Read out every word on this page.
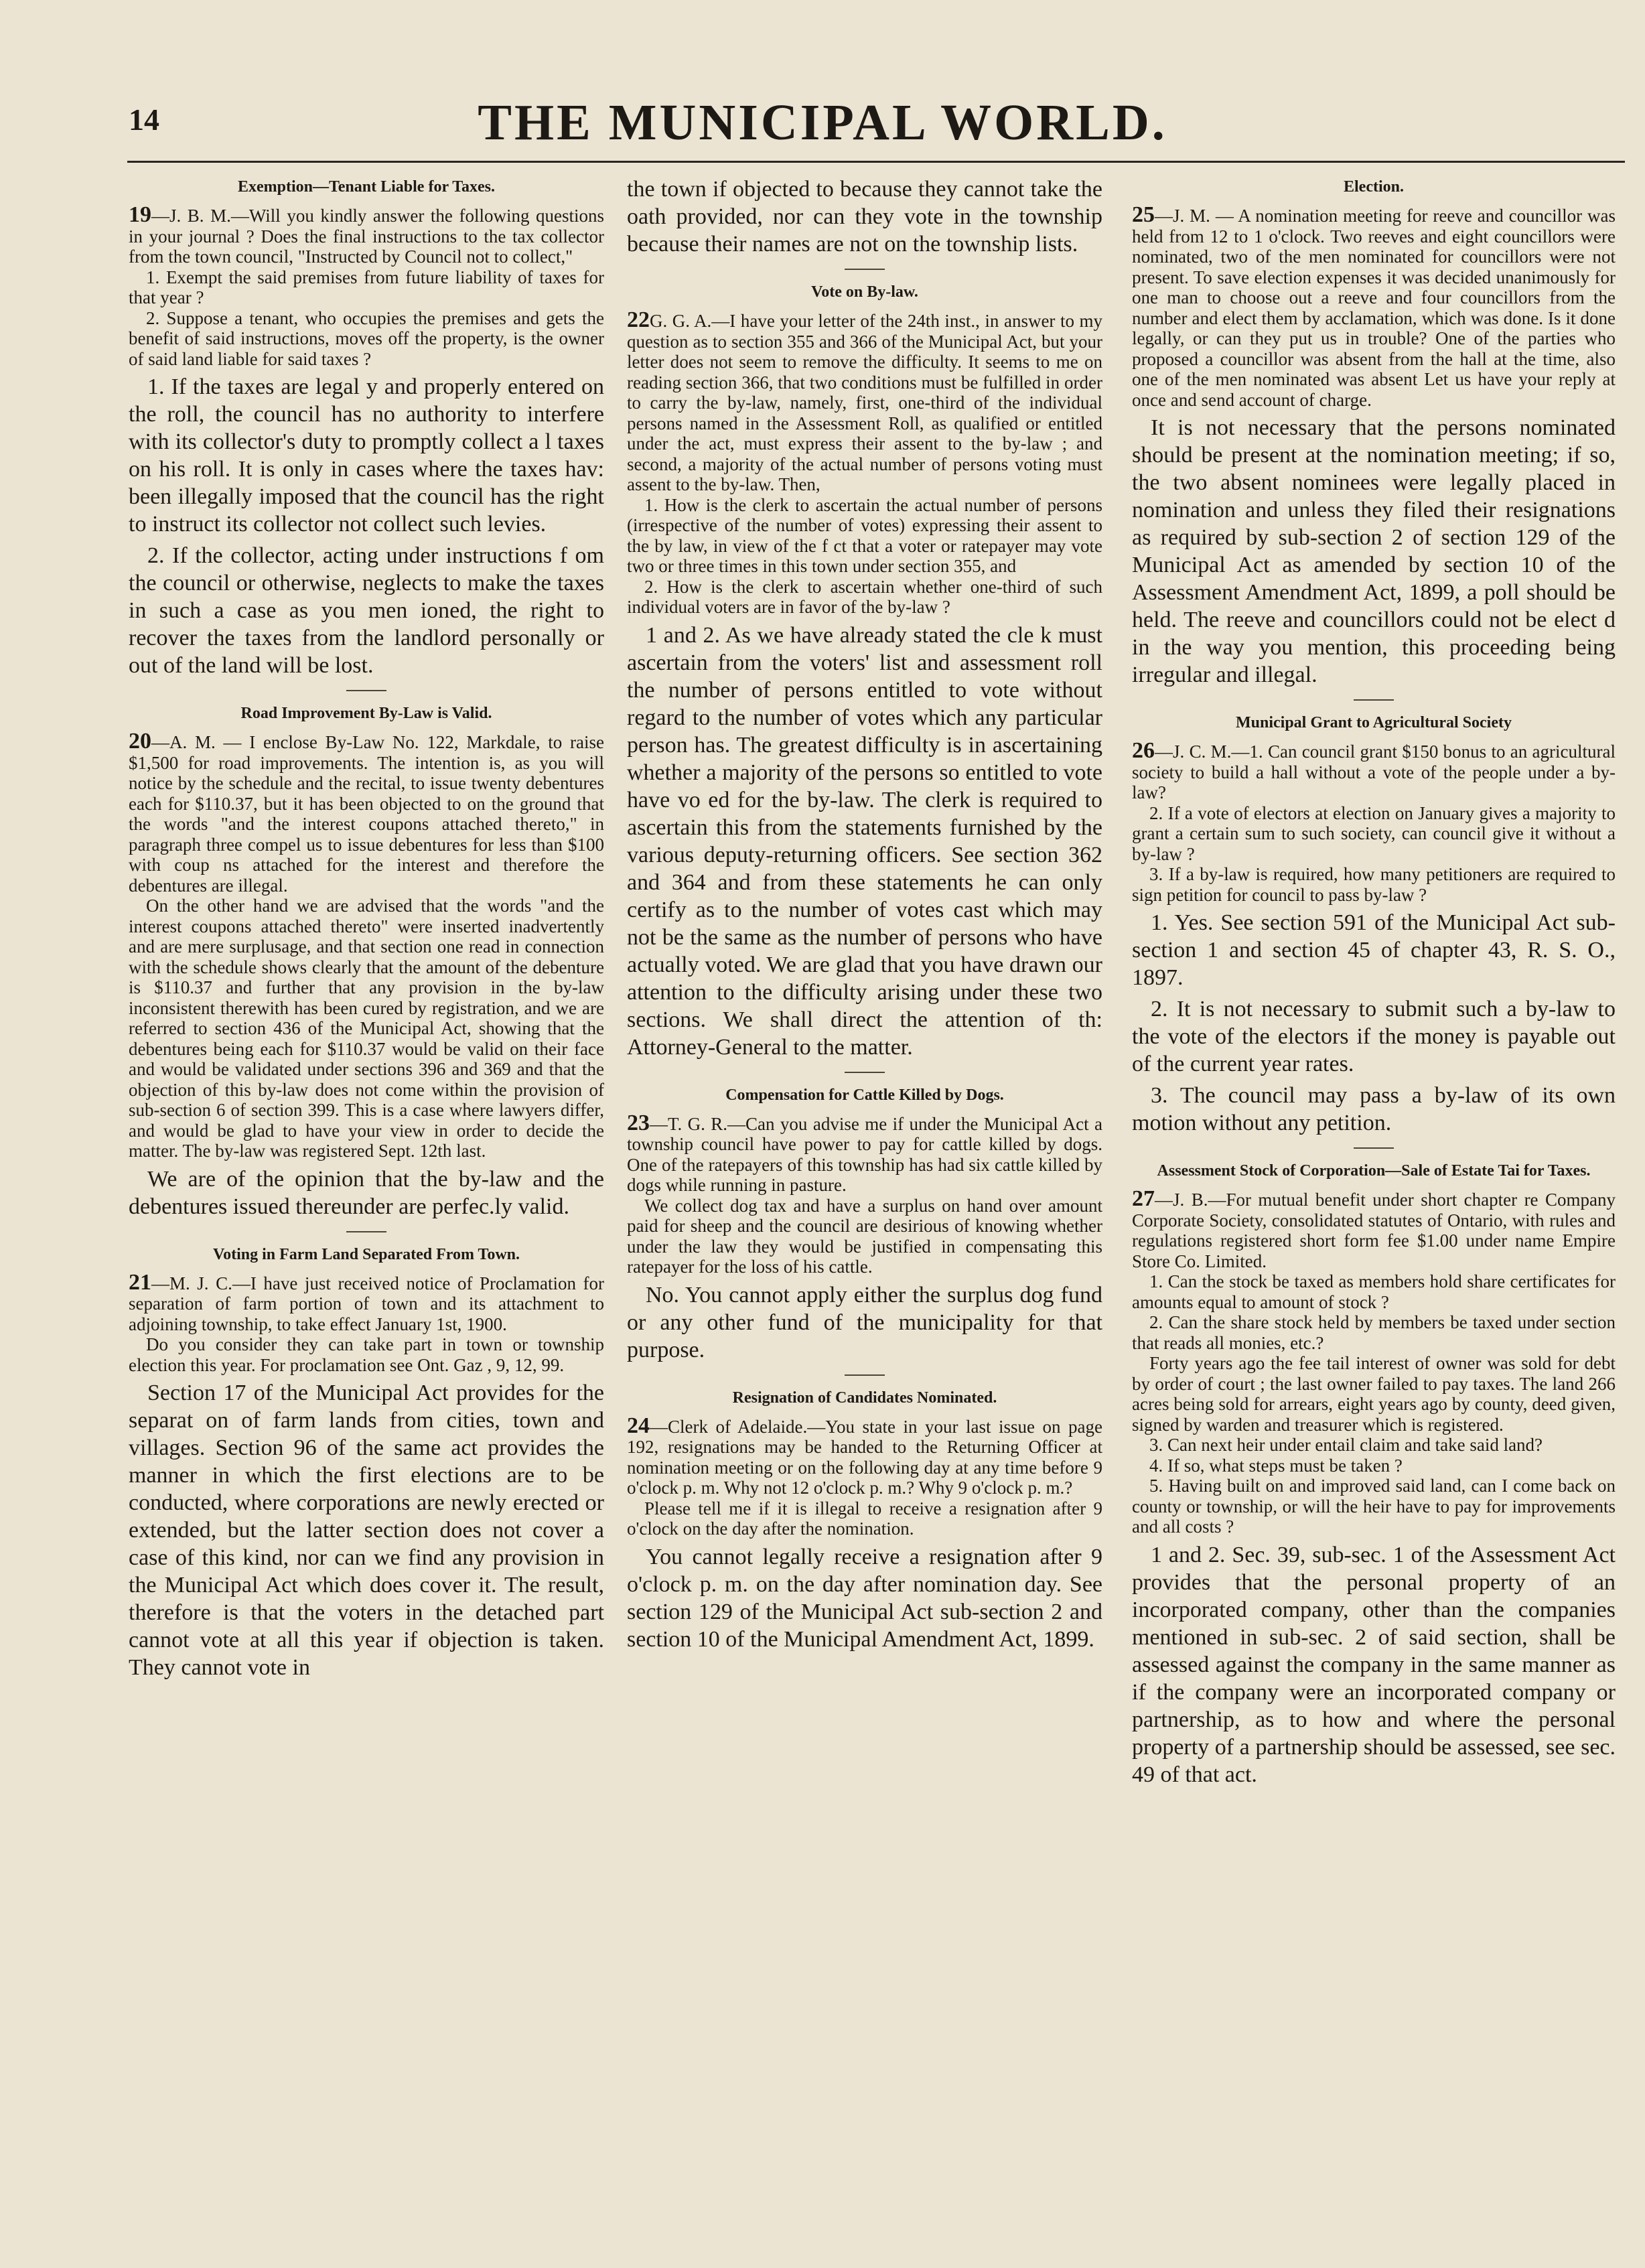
14	THE MUNICIPAL WORLD.
Exemption—Tenant Liable for Taxes.

19—J. B. M.—Will you kindly answer the following questions in your journal ? Does the final instructions to the tax collector from the town council, "Instructed by Council not to collect,"

1. Exempt the said premises from future liability of taxes for that year ?

2. Suppose a tenant, who occupies the premises and gets the benefit of said instructions, moves off the property, is the owner of said land liable for said taxes ?

1. If the taxes are legal y and properly entered on the roll, the council has no authority to interfere with its collector's duty to promptly collect a l taxes on his roll. It is only in cases where the taxes hav: been illegally imposed that the council has the right to instruct its collector not collect such levies.

2. If the collector, acting under instructions f om the council or otherwise, neglects to make the taxes in such a case as you men ioned, the right to recover the taxes from the landlord personally or out of the land will be lost.

Road Improvement By-Law is Valid.

20—A. M. — I enclose By-Law No. 122, Markdale, to raise $1,500 for road improvements. The intention is, as you will notice by the schedule and the recital, to issue twenty debentures each for $110.37, but it has been objected to on the ground that the words "and the interest coupons attached thereto," in paragraph three compel us to issue debentures for less than $100 with coup ns attached for the interest and therefore the debentures are illegal.

On the other hand we are advised that the words "and the interest coupons attached thereto" were inserted inadvertently and are mere surplusage, and that section one read in connection with the schedule shows clearly that the amount of the debenture is $110.37 and further that any provision in the by-law inconsistent therewith has been cured by registration, and we are referred to section 436 of the Municipal Act, showing that the debentures being each for $110.37 would be valid on their face and would be validated under sections 396 and 369 and that the objection of this by-law does not come within the provision of sub-section 6 of section 399. This is a case where lawyers differ, and would be glad to have your view in order to decide the matter. The by-law was registered Sept. 12th last.

We are of the opinion that the by-law and the debentures issued thereunder are perfec.ly valid.

Voting in Farm Land Separated From Town.

21—M. J. C.—I have just received notice of Proclamation for separation of farm portion of town and its attachment to adjoining township, to take effect January 1st, 1900.

Do you consider they can take part in town or township election this year. For proclamation see Ont. Gaz , 9, 12, 99.

Section 17 of the Municipal Act provides for the separat on of farm lands from cities, town and villages. Section 96 of the same act provides the manner in which the first elections are to be conducted, where corporations are newly erected or extended, but the latter section does not cover a case of this kind, nor can we find any provision in the Municipal Act which does cover it. The result, therefore is that the voters in the detached part cannot vote at all this year if objection is taken. They cannot vote in

the town if objected to because they cannot take the oath provided, nor can they vote in the township because their names are not on the township lists.

Vote on By-law.

22G. G. A.—I have your letter of the 24th inst., in answer to my question as to section 355 and 366 of the Municipal Act, but your letter does not seem to remove the difficulty. It seems to me on reading section 366, that two conditions must be fulfilled in order to carry the by-law, namely, first, one-third of the individual persons named in the Assessment Roll, as qualified or entitled under the act, must express their assent to the by-law ; and second, a majority of the actual number of persons voting must assent to the by-law. Then,

1. How is the clerk to ascertain the actual number of persons (irrespective of the number of votes) expressing their assent to the by law, in view of the f ct that a voter or ratepayer may vote two or three times in this town under section 355, and

2. How is the clerk to ascertain whether one-third of such individual voters are in favor of the by-law ?

1 and 2. As we have already stated the cle k must ascertain from the voters' list and assessment roll the number of persons entitled to vote without regard to the number of votes which any particular person has. The greatest difficulty is in ascertaining whether a majority of the persons so entitled to vote have vo ed for the by-law. The clerk is required to ascertain this from the statements furnished by the various deputy-returning officers. See section 362 and 364 and from these statements he can only certify as to the number of votes cast which may not be the same as the number of persons who have actually voted. We are glad that you have drawn our attention to the difficulty arising under these two sections. We shall direct the attention of th: Attorney-General to the matter.

Compensation for Cattle Killed by Dogs.

23—T. G. R.—Can you advise me if under the Municipal Act a township council have power to pay for cattle killed by dogs. One of the ratepayers of this township has had six cattle killed by dogs while running in pasture.

We collect dog tax and have a surplus on hand over amount paid for sheep and the council are desirious of knowing whether under the law they would be justified in compensating this ratepayer for the loss of his cattle.

No. You cannot apply either the surplus dog fund or any other fund of the municipality for that purpose.

Resignation of Candidates Nominated.

24—Clerk of Adelaide.—You state in your last issue on page 192, resignations may be handed to the Returning Officer at nomination meeting or on the following day at any time before 9 o'clock p. m. Why not 12 o'clock p. m.? Why 9 o'clock p. m.?

Please tell me if it is illegal to receive a resignation after 9 o'clock on the day after the nomination.

You cannot legally receive a resignation after 9 o'clock p. m. on the day after nomination day. See section 129 of the Municipal Act sub-section 2 and section 10 of the Municipal Amendment Act, 1899.

Election.

25—J. M. — A nomination meeting for reeve and councillor was held from 12 to 1 o'clock. Two reeves and eight councillors were nominated, two of the men nominated for councillors were not present. To save election expenses it was decided unanimously for one man to choose out a reeve and four councillors from the number and elect them by acclamation, which was done. Is it done legally, or can they put us in trouble? One of the parties who proposed a councillor was absent from the hall at the time, also one of the men nominated was absent Let us have your reply at once and send account of charge.

It is not necessary that the persons nominated should be present at the nomination meeting; if so, the two absent nominees were legally placed in nomination and unless they filed their resignations as required by sub-section 2 of section 129 of the Municipal Act as amended by section 10 of the Assessment Amendment Act, 1899, a poll should be held. The reeve and councillors could not be elect d in the way you mention, this proceeding being irregular and illegal.

Municipal Grant to Agricultural Society

26—J. C. M.—1. Can council grant $150 bonus to an agricultural society to build a hall without a vote of the people under a by-law?

2. If a vote of electors at election on January gives a majority to grant a certain sum to such society, can council give it without a by-law ?

3. If a by-law is required, how many petitioners are required to sign petition for council to pass by-law ?

1. Yes. See section 591 of the Municipal Act sub-section 1 and section 45 of chapter 43, R. S. O., 1897.

2. It is not necessary to submit such a by-law to the vote of the electors if the money is payable out of the current year rates.

3. The council may pass a by-law of its own motion without any petition.

Assessment Stock of Corporation—Sale of Estate Tai for Taxes.

27—J. B.—For mutual benefit under short chapter re Company Corporate Society, consolidated statutes of Ontario, with rules and regulations registered short form fee $1.00 under name Empire Store Co. Limited.

1. Can the stock be taxed as members hold share certificates for amounts equal to amount of stock ?

2. Can the share stock held by members be taxed under section that reads all monies, etc.?

Forty years ago the fee tail interest of owner was sold for debt by order of court ; the last owner failed to pay taxes. The land 266 acres being sold for arrears, eight years ago by county, deed given, signed by warden and treasurer which is registered.

3. Can next heir under entail claim and take said land?

4. If so, what steps must be taken ?

5. Having built on and improved said land, can I come back on county or township, or will the heir have to pay for improvements and all costs ?

1 and 2. Sec. 39, sub-sec. 1 of the Assessment Act provides that the personal property of an incorporated company, other than the companies mentioned in sub-sec. 2 of said section, shall be assessed against the company in the same manner as if the company were an incorporated company or partnership, as to how and where the personal property of a partnership should be assessed, see sec. 49 of that act.
